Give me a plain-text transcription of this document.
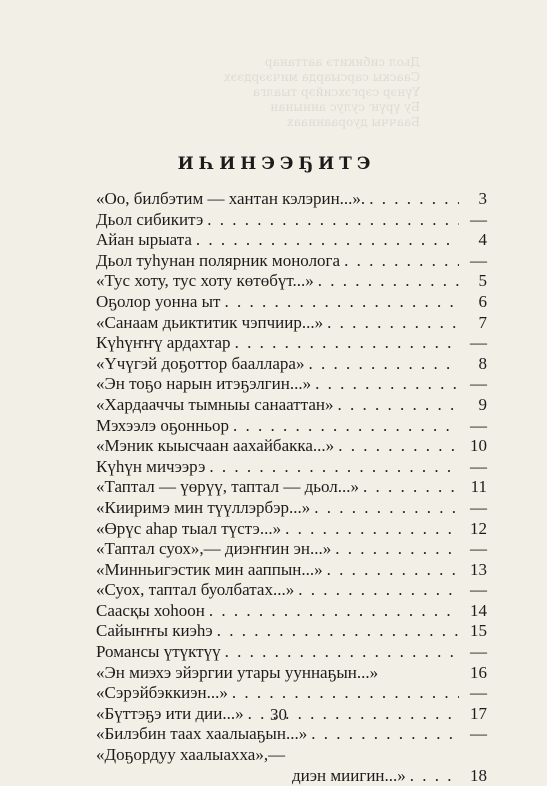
Дьол сибикитэ ааттанар
Сааскы сарсыарда мичээрдээх
Үүнэр сэргэхсийэр тыалга
Бу үрүҥ сулус аннынан
Бааччы дуорааннаах
ИҺИНЭЭҔИТЭ
«Оо, билбэтим — хантан кэлэрин...». . . .	3
Дьол сибикитэ . . .	—
Айан ырыата . . .	4
Дьол туһунан полярник монолога . . .	—
«Тус хоту, тус хоту көтөбүт...» . . .	5
Оҕолор уонна ыт . . .	6
«Санаам дьиктитик чэпчиир...» . . .	7
Күһүҥҥү ардахтар . . .	—
«Үчүгэй доҕоттор бааллара» . . .	8
«Эн тоҕо нарын итэҕэлгин...» . . .	—
«Хардааччы тымныы санааттан» . . .	9
Мэхээлэ оҕонньор . . .	—
«Мэник кыысчаан аахайбакка...» . . .	10
Күһүн мичээрэ . . .	—
«Таптал — үөрүү, таптал — дьол...» . . .	11
«Кииримэ мин түүллэрбэр...» . . .	—
«Өрүс аһар тыал түстэ...» . . .	12
«Таптал суох»,— диэҥҥин эн...» . . .	—
«Минньигэстик мин ааппын...» . . .	13
«Суох, таптал буолбатах...» . . .	—
Саасқы хоһоон . . .	14
Сайыҥҥы киэһэ . . .	15
Романсы үтүктүү . . .	—
«Эн миэхэ эйэргии утары ууннаҕын...»	16
«Сэрэйбэккиэн...» . . .	—
«Бүттэҕэ ити дии...» . . .	17
«Билэбин таах хаалыаҕын...» . . .	—
«Доҕордуу хаалыахха»,—
диэн миигин...» . . .	18
30
